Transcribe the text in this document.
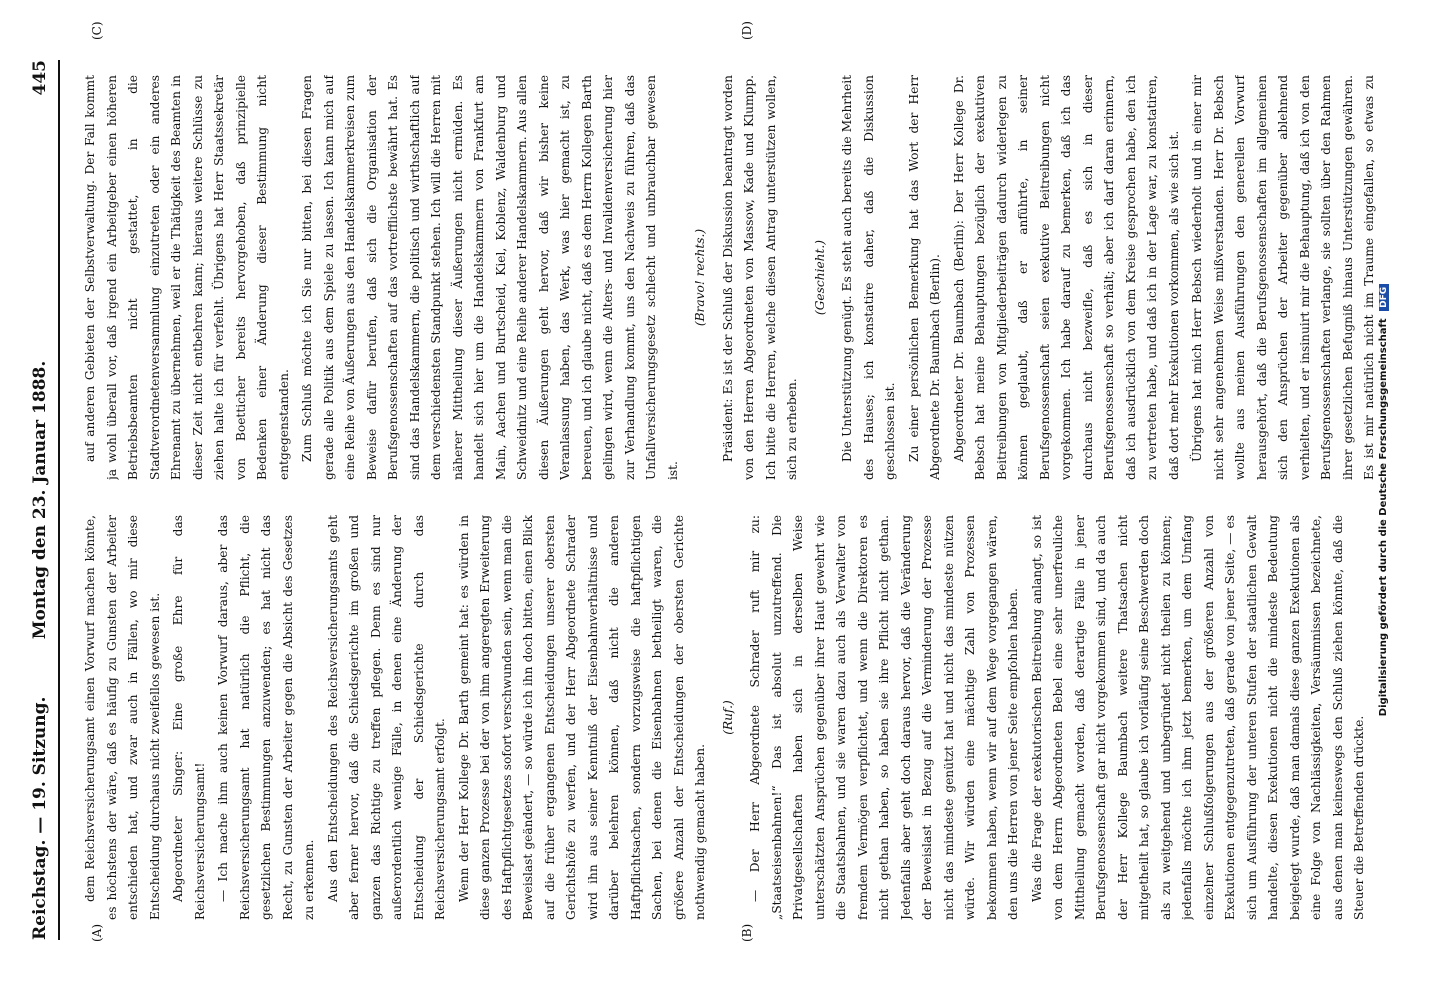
Reichstag. — 19. Sitzung.
Montag den 23. Januar 1888.
445
(A)	(B)
(C)	(D)

dem Reichsversicherungsamt einen Vorwurf machen könnte, es höchstens der wäre, daß es häufig zu Gunsten der Arbeiter entschieden hat, und zwar auch in Fällen, wo mir diese Entscheidung durchaus nicht zweifellos gewesen ist. Abgeordneter Singer: Eine große Ehre für das Reichsversicherungsamt! — Ich mache ihm auch keinen Vorwurf daraus, aber das Reichsversicherungsamt hat natürlich die Pflicht, die gesetzlichen Bestimmungen anzuwenden; es hat nicht das Recht, zu Gunsten der Arbeiter gegen die Absicht des Gesetzes zu erkennen. Aus den Entscheidungen des Reichsversicherungsamts geht aber ferner hervor, daß die Schiedsgerichte im großen und ganzen das Richtige zu treffen pflegen. Denn es sind nur außerordentlich wenige Fälle, in denen eine Änderung der Entscheidung der Schiedsgerichte durch das Reichsversicherungsamt erfolgt. Wenn der Herr Kollege Dr. Barth gemeint hat: es würden in diese ganzen Prozesse bei der von ihm angeregten Erweiterung des Haftpflichtgesetzes sofort verschwunden sein, wenn man die Beweislast geändert, — so würde ich ihn doch bitten, einen Blick auf die früher ergangenen Entscheidungen unserer obersten Gerichtshöfe zu werfen, und der Herr Abgeordnete Schrader wird ihn aus seiner Kenntniß der Eisenbahnverhältnisse und darüber belehren können, daß nicht die anderen Haftpflichtsachen, sondern vorzugsweise die haftpflichtigen Sachen, bei denen die Eisenbahnen betheiligt waren, die größere Anzahl der Entscheidungen der obersten Gerichte nothwendig gemacht haben.

(Ruf.)	— Der Herr Abgeordnete Schrader ruft mir zu: „Staatseisenbahnen!“ Das ist absolut unzutreffend. Die Privatgesellschaften haben sich in derselben Weise unterschätzten Ansprüchen gegenüber ihrer Haut gewehrt wie die Staatsbahnen, und sie waren dazu auch als Verwalter von fremdem Vermögen verpflichtet, und wenn die Direktoren es nicht gethan haben, so haben sie ihre Pflicht nicht gethan. Jedenfalls aber geht doch daraus hervor, daß die Veränderung der Beweislast in Bezug auf die Verminderung der Prozesse nicht das mindeste genützt hat und nicht das mindeste nützen würde. Wir würden eine mächtige Zahl von Prozessen bekommen haben, wenn wir auf dem Wege vorgegangen wären, den uns die Herren von jener Seite empfohlen haben. Was die Frage der exekutorischen Beitreibung anlangt, so ist von dem Herrn Abgeordneten Bebel eine sehr unerfreuliche Mittheilung gemacht worden, daß derartige Fälle in jener Berufsgenossenschaft gar nicht vorgekommen sind, und da auch der Herr Kollege Baumbach weitere Thatsachen nicht mitgetheilt hat, so glaube ich vorläufig seine Beschwerden doch als zu weitgehend und unbegründet nicht theilen zu können; jedenfalls möchte ich ihm jetzt bemerken, um dem Umfang einzelner Schlußfolgerungen aus der größeren Anzahl von Exekutionen entgegenzutreten, daß gerade von jener Seite, — es sich um Ausführung der unteren Stufen der staatlichen Gewalt handelte, diesen Exekutionen nicht die mindeste Bedeutung beigelegt wurde, daß man damals diese ganzen Exekutionen als eine Folge von Nachlässigkeiten, Versäumnissen bezeichnete, aus denen man keineswegs den Schluß ziehen könnte, daß die Steuer die Betreffenden drückte.

auf anderen Gebieten der Selbstverwaltung. Der Fall kommt ja wohl überall vor, daß irgend ein Arbeitgeber einen höheren Betriebsbeamten nicht gestattet, in die Stadtverordnetenversammlung einzutreten oder ein anderes Ehrenamt zu übernehmen, weil er die Thätigkeit des Beamten in dieser Zeit nicht entbehren kann; hieraus weitere Schlüsse zu ziehen halte ich für verfehlt. Übrigens hat Herr Staatssekretär von Boetticher bereits hervorgehoben, daß prinzipielle Bedenken einer Änderung dieser Bestimmung nicht entgegenstanden. Zum Schluß möchte ich Sie nur bitten, bei diesen Fragen gerade alle Politik aus dem Spiele zu lassen. Ich kann mich auf eine Reihe von Äußerungen aus den Handelskammerkreisen zum Beweise dafür berufen, daß sich die Organisation der Berufsgenossenschaften auf das vortrefflichste bewährt hat. Es sind das Handelskammern, die politisch und wirthschaftlich auf dem verschiedensten Standpunkt stehen. Ich will die Herren mit näherer Mittheilung dieser Äußerungen nicht ermüden. Es handelt sich hier um die Handelskammern von Frankfurt am Main, Aachen und Burtscheid, Kiel, Koblenz, Waldenburg und Schweidnitz und eine Reihe anderer Handelskammern. Aus allen diesen Äußerungen geht hervor, daß wir bisher keine Veranlassung haben, das Werk, was hier gemacht ist, zu bereuen, und ich glaube nicht, daß es dem Herrn Kollegen Barth gelingen wird, wenn die Alters- und Invalidenversicherung hier zur Verhandlung kommt, uns den Nachweis zu führen, daß das Unfallversicherungsgesetz schlecht und unbrauchbar gewesen ist.

(Bravo! rechts.)	Präsident: Es ist der Schluß der Diskussion beantragt worden von den Herren Abgeordneten von Massow, Kade und Klumpp. Ich bitte die Herren, welche diesen Antrag unterstützen wollen, sich zu erheben.

(Geschieht.)	Die Unterstützung genügt. Es steht auch bereits die Mehrheit des Hauses; ich konstatire daher, daß die Diskussion geschlossen ist. Zu einer persönlichen Bemerkung hat das Wort der Herr Abgeordnete Dr. Baumbach (Berlin). Abgeordneter Dr. Baumbach (Berlin): Der Herr Kollege Dr. Bebsch hat meine Behauptungen bezüglich der exekutiven Beitreibungen von Mitgliederbeiträgen dadurch widerlegen zu können geglaubt, daß er anführte, in seiner Berufsgenossenschaft seien exekutive Beitreibungen nicht vorgekommen. Ich habe darauf zu bemerken, daß ich das durchaus nicht bezweifle, daß es sich in dieser Berufsgenossenschaft so verhält; aber ich darf daran erinnern, daß ich ausdrücklich von dem Kreise gesprochen habe, den ich zu vertreten habe, und daß ich in der Lage war, zu konstatiren, daß dort mehr Exekutionen vorkommen, als wie sich ist. Übrigens hat mich Herr Bebsch wiederholt und in einer mir nicht sehr angenehmen Weise mißverstanden. Herr Dr. Bebsch wollte aus meinen Ausführungen den generellen Vorwurf herausgehört, daß die Berufsgenossenschaften im allgemeinen sich den Ansprüchen der Arbeiter gegenüber ablehnend verhielten, und er insinuirt mir die Behauptung, daß ich von den Berufsgenossenschaften verlange, sie sollten über den Rahmen ihrer gesetzlichen Befugniß hinaus Unterstützungen gewähren. Es ist mir natürlich nicht im Traume eingefallen, so etwas zu

Digitalisierung gefördert durch die Deutsche Forschungsgemeinschaft DFG
